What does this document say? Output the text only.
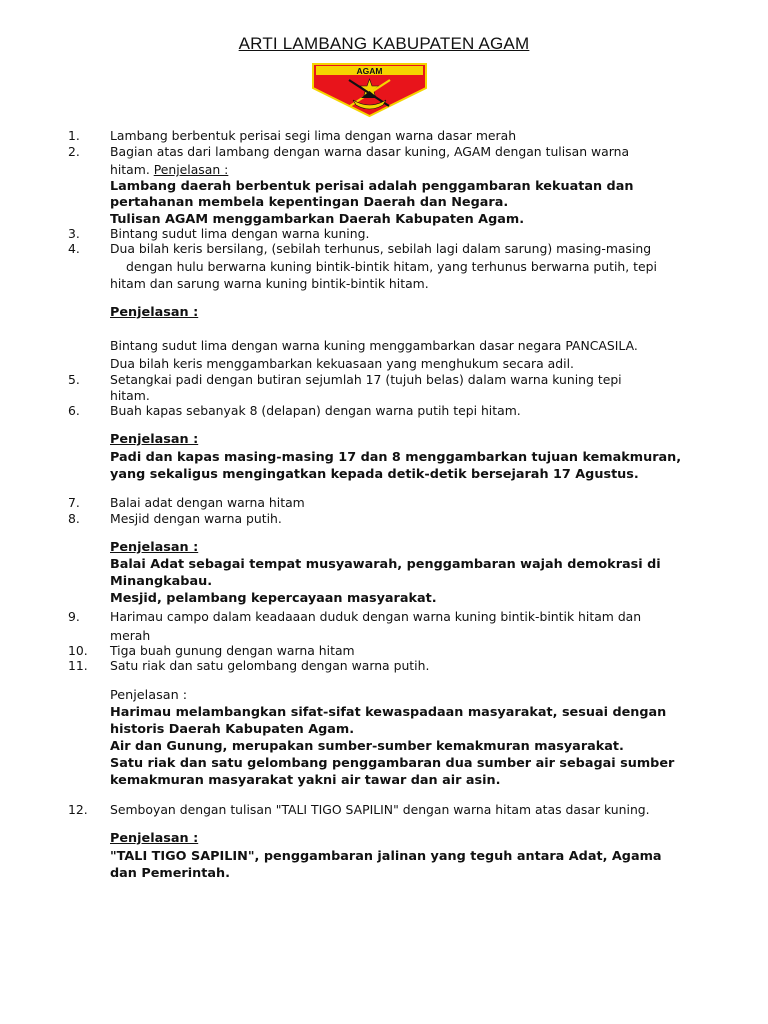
ARTI LAMBANG KABUPATEN AGAM
AGAM
1. Lambang berbentuk perisai segi lima dengan warna dasar merah
2. Bagian atas dari lambang dengan warna dasar kuning, AGAM dengan tulisan warna
hitam. Penjelasan :
Lambang daerah berbentuk perisai adalah penggambaran kekuatan dan
pertahanan membela kepentingan Daerah dan Negara.
Tulisan AGAM menggambarkan Daerah Kabupaten Agam.
3. Bintang sudut lima dengan warna kuning.
4. Dua bilah keris bersilang, (sebilah terhunus, sebilah lagi dalam sarung) masing-masing
dengan hulu berwarna kuning bintik-bintik hitam, yang terhunus berwarna putih, tepi
hitam dan sarung warna kuning bintik-bintik hitam.
Penjelasan :
Bintang sudut lima dengan warna kuning menggambarkan dasar negara PANCASILA.
Dua bilah keris menggambarkan kekuasaan yang menghukum secara adil.
5. Setangkai padi dengan butiran sejumlah 17 (tujuh belas) dalam warna kuning tepi
hitam.
6. Buah kapas sebanyak 8 (delapan) dengan warna putih tepi hitam.
Penjelasan :
Padi dan kapas masing-masing 17 dan 8 menggambarkan tujuan kemakmuran,
yang sekaligus mengingatkan kepada detik-detik bersejarah 17 Agustus.
7. Balai adat dengan warna hitam
8. Mesjid dengan warna putih.
Penjelasan :
Balai Adat sebagai tempat musyawarah, penggambaran wajah demokrasi di
Minangkabau.
Mesjid, pelambang kepercayaan masyarakat.
9. Harimau campo dalam keadaaan duduk dengan warna kuning bintik-bintik hitam dan
merah
10. Tiga buah gunung dengan warna hitam
11. Satu riak dan satu gelombang dengan warna putih.
Penjelasan :
Harimau melambangkan sifat-sifat kewaspadaan masyarakat, sesuai dengan
historis Daerah Kabupaten Agam.
Air dan Gunung, merupakan sumber-sumber kemakmuran masyarakat.
Satu riak dan satu gelombang penggambaran dua sumber air sebagai sumber
kemakmuran masyarakat yakni air tawar dan air asin.
12. Semboyan dengan tulisan "TALI TIGO SAPILIN" dengan warna hitam atas dasar kuning.
Penjelasan :
"TALI TIGO SAPILIN", penggambaran jalinan yang teguh antara Adat, Agama
dan Pemerintah.
